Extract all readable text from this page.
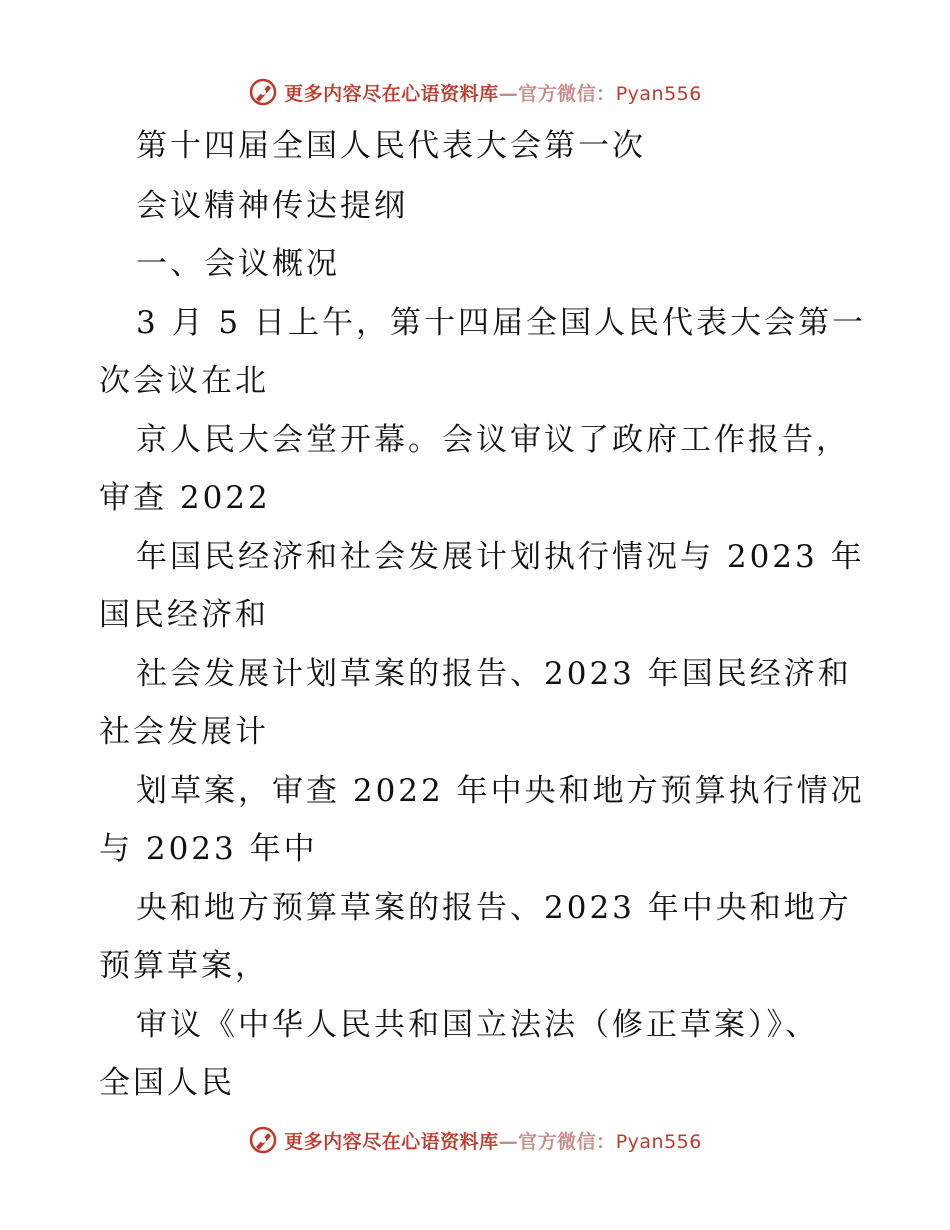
更多内容尽在心语资料库—官方微信：Pyan556
第十四届全国人民代表大会第一次
会议精神传达提纲
一、会议概况
3 月 5 日上午，第十四届全国人民代表大会第一
次会议在北
京人民大会堂开幕。会议审议了政府工作报告，
审查 2022
年国民经济和社会发展计划执行情况与 2023 年
国民经济和
社会发展计划草案的报告、2023 年国民经济和
社会发展计
划草案，审查 2022 年中央和地方预算执行情况
与 2023 年中
央和地方预算草案的报告、2023 年中央和地方
预算草案，
审议《中华人民共和国立法法（修正草案）》、
全国人民
更多内容尽在心语资料库—官方微信：Pyan556
